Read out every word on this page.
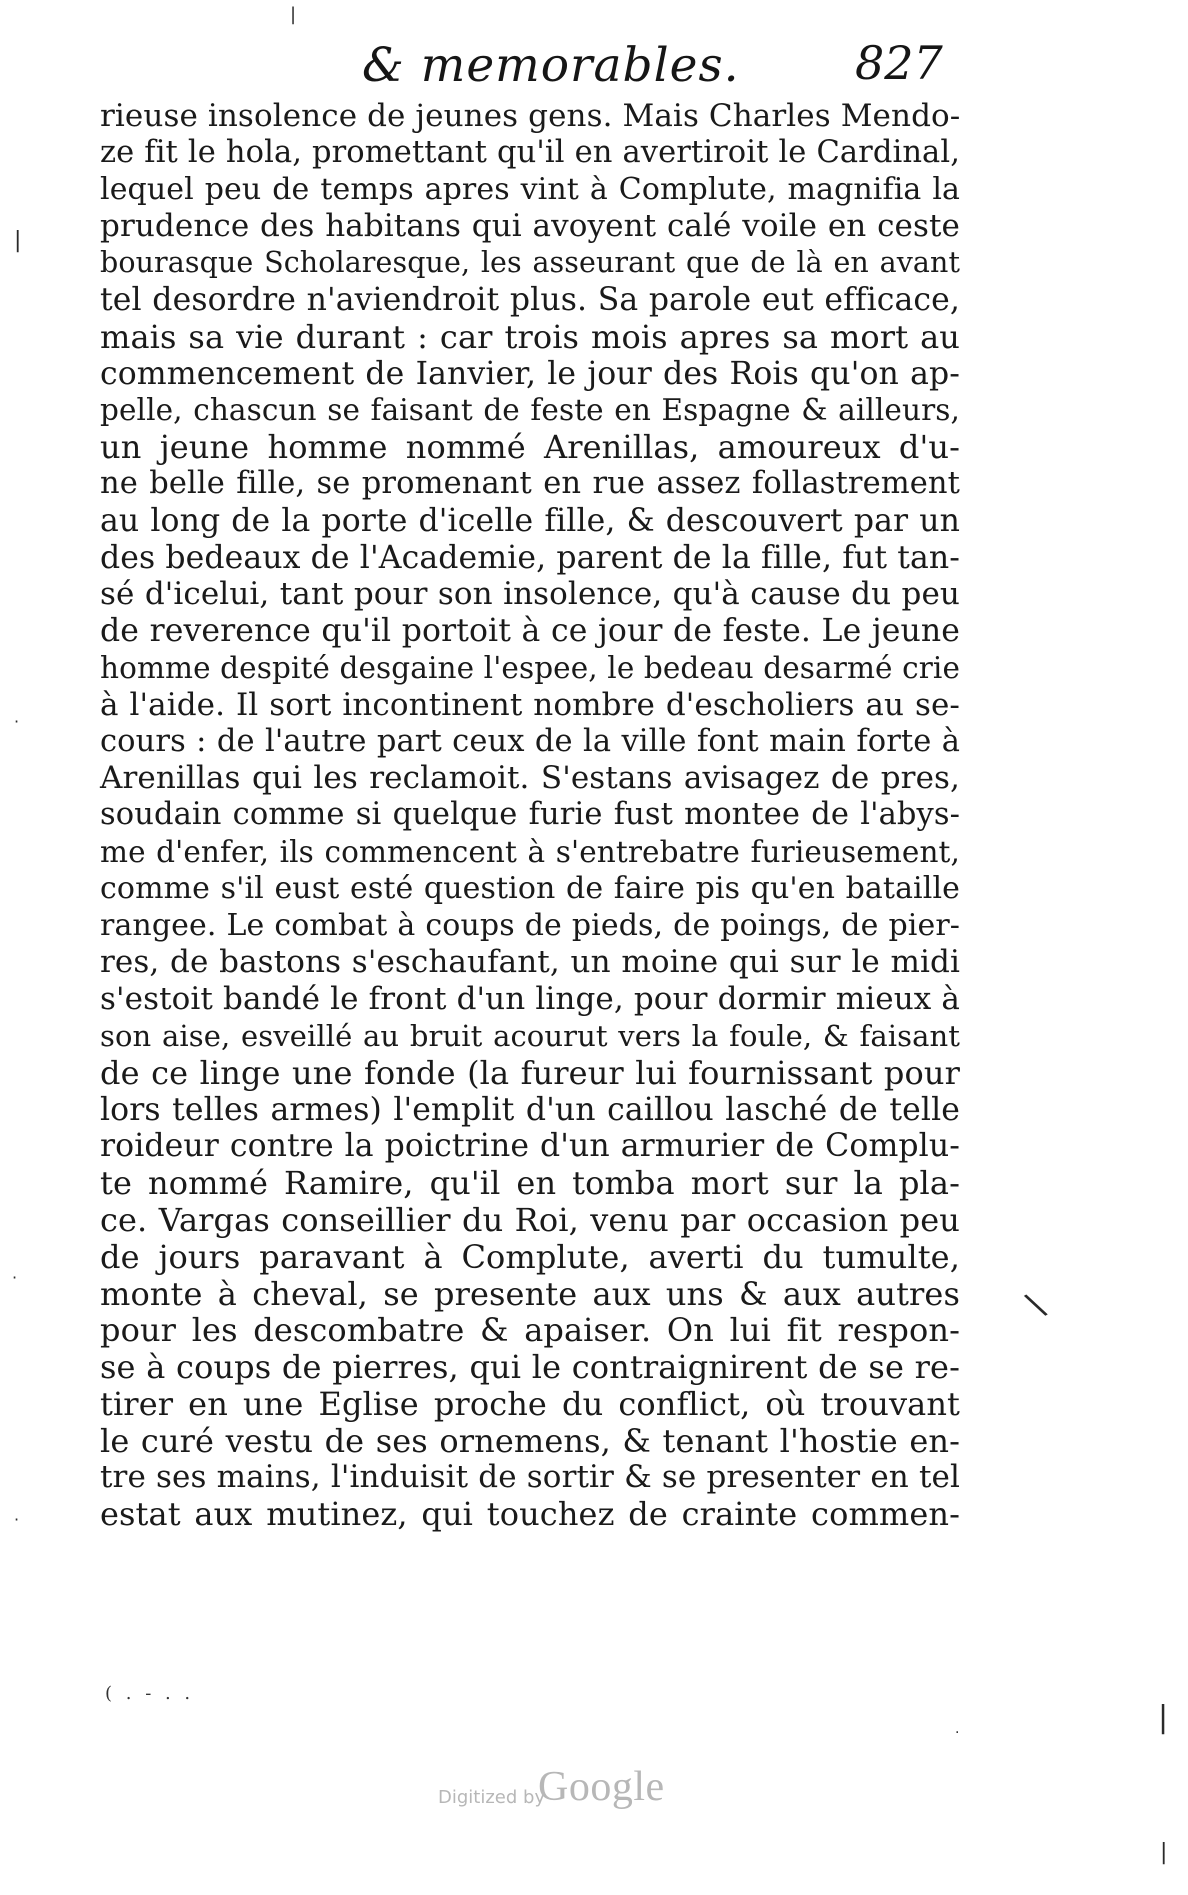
& memorables.	827
rieuse insolence de jeunes gens. Mais Charles Mendo-
ze fit le hola, promettant qu'il en avertiroit le Cardinal,
lequel peu de temps apres vint à Complute, magnifia la
prudence des habitans qui avoyent calé voile en ceste
bourasque Scholaresque, les asseurant que de là en avant
tel desordre n'aviendroit plus. Sa parole eut efficace,
mais sa vie durant : car trois mois apres sa mort au
commencement de Ianvier, le jour des Rois qu'on ap-
pelle, chascun se faisant de feste en Espagne & ailleurs,
un jeune homme nommé Arenillas, amoureux d'u-
ne belle fille, se promenant en rue assez follastrement
au long de la porte d'icelle fille, & descouvert par un
des bedeaux de l'Academie, parent de la fille, fut tan-
sé d'icelui, tant pour son insolence, qu'à cause du peu
de reverence qu'il portoit à ce jour de feste. Le jeune
homme despité desgaine l'espee, le bedeau desarmé crie
à l'aide. Il sort incontinent nombre d'escholiers au se-
cours : de l'autre part ceux de la ville font main forte à
Arenillas qui les reclamoit. S'estans avisagez de pres,
soudain comme si quelque furie fust montee de l'abys-
me d'enfer, ils commencent à s'entrebatre furieusement,
comme s'il eust esté question de faire pis qu'en bataille
rangee. Le combat à coups de pieds, de poings, de pier-
res, de bastons s'eschaufant, un moine qui sur le midi
s'estoit bandé le front d'un linge, pour dormir mieux à
son aise, esveillé au bruit acourut vers la foule, & faisant
de ce linge une fonde (la fureur lui fournissant pour
lors telles armes) l'emplit d'un caillou lasché de telle
roideur contre la poictrine d'un armurier de Complu-
te nommé Ramire, qu'il en tomba mort sur la pla-
ce. Vargas conseillier du Roi, venu par occasion peu
de jours paravant à Complute, averti du tumulte,
monte à cheval, se presente aux uns & aux autres
pour les descombatre & apaiser. On lui fit respon-
se à coups de pierres, qui le contraignirent de se re-
tirer en une Eglise proche du conflict, où trouvant
le curé vestu de ses ornemens, & tenant l'hostie en-
tre ses mains, l'induisit de sortir & se presenter en tel
estat aux mutinez, qui touchez de crainte commen-
|
·
·
·
|
\
|
|
·
( . - . .
Digitized by
Google
